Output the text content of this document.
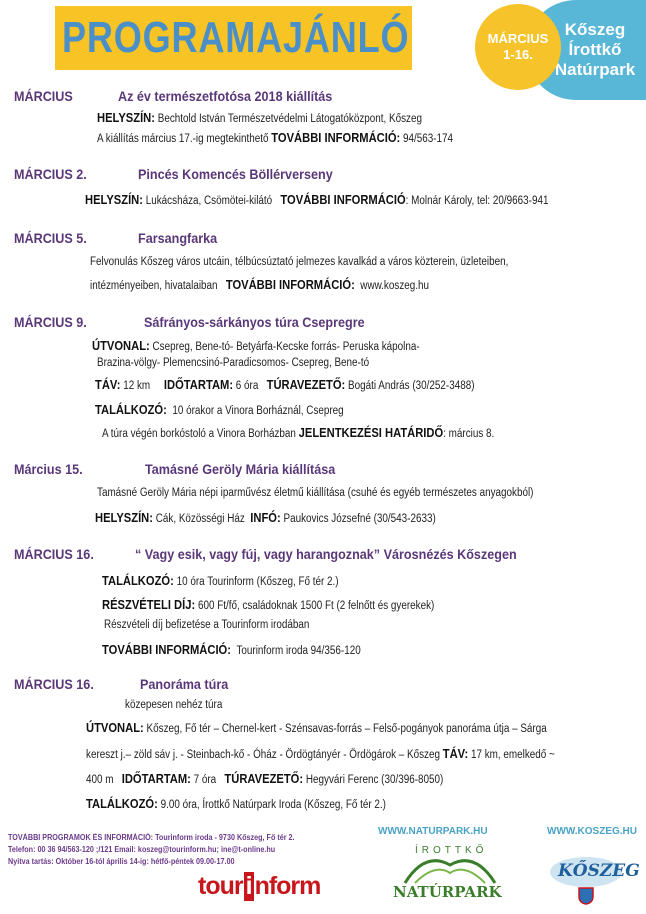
PROGRAMAJÁNLÓ	Kőszeg
Írottkő
Natúrpark
MÁRCIUS
1-16.
MÁRCIUS	Az év természetfotósa 2018 kiállítás
HELYSZÍN: Bechtold István Természetvédelmi Látogatóközpont, Kőszeg
A kiállítás március 17.-ig megtekinthető TOVÁBBI INFORMÁCIÓ: 94/563-174
MÁRCIUS 2.	Pincés Komencés Böllérverseny
HELYSZÍN: Lukácsháza, Csömötei-kilátó TOVÁBBI INFORMÁCIÓ: Molnár Károly, tel: 20/9663-941
MÁRCIUS 5.	Farsangfarka
Felvonulás Kőszeg város utcáin, télbúcsúztató jelmezes kavalkád a város közterein, üzleteiben,
intézményeiben, hivatalaiban TOVÁBBI INFORMÁCIÓ: www.koszeg.hu
MÁRCIUS 9.	Sáfrányos-sárkányos túra Csepregre
ÚTVONAL: Csepreg, Bene-tó- Betyárfa-Kecske forrás- Peruska kápolna-
Brazina-völgy- Plemencsinó-Paradicsomos- Csepreg, Bene-tó
TÁV: 12 km IDŐTARTAM: 6 óra TÚRAVEZETŐ: Bogáti András (30/252-3488)
TALÁLKOZÓ: 10 órakor a Vinora Borháznál, Csepreg
A túra végén borkóstoló a Vinora Borházban JELENTKEZÉSI HATÁRIDŐ: március 8.
Március 15.	Tamásné Geröly Mária kiállítása
Tamásné Geröly Mária népi iparművész életmű kiállítása (csuhé és egyéb természetes anyagokból)
HELYSZÍN: Cák, Közösségi Ház INFÓ: Paukovics Józsefné (30/543-2633)
MÁRCIUS 16.	“ Vagy esik, vagy fúj, vagy harangoznak” Városnézés Kőszegen
TALÁLKOZÓ: 10 óra Tourinform (Kőszeg, Fő tér 2.)
RÉSZVÉTELI DÍJ: 600 Ft/fő, családoknak 1500 Ft (2 felnőtt és gyerekek)
Részvételi díj befizetése a Tourinform irodában
TOVÁBBI INFORMÁCIÓ: Tourinform iroda 94/356-120
MÁRCIUS 16.	Panoráma túra
közepesen nehéz túra
ÚTVONAL: Kőszeg, Fő tér – Chernel-kert - Szénsavas-forrás – Felső-pogányok panoráma útja – Sárga
kereszt j.– zöld sáv j. - Steinbach-kő - Óház - Ördögtányér - Ördögárok – Kőszeg TÁV: 17 km, emelkedő ~
400 m IDŐTARTAM: 7 óra TÚRAVEZETŐ: Hegyvári Ferenc (30/396-8050)
TALÁLKOZÓ: 9.00 óra, Írottkő Natúrpark Iroda (Kőszeg, Fő tér 2.)
TOVÁBBI PROGRAMOK ÉS INFORMÁCIÓ: Tourinform iroda - 9730 Kőszeg, Fő tér 2.
Telefon: 00 36 94/563-120 ;/121 Email: koszeg@tourinform.hu; ine@t-online.hu
Nyitva tartás: Október 16-tól április 14-ig: hétfő-péntek 09.00-17.00
WWW.NATURPARK.HU	WWW.KOSZEG.HU
tour i nform
ÍROTTKŐ
NATÚRPARK
KŐSZEG
